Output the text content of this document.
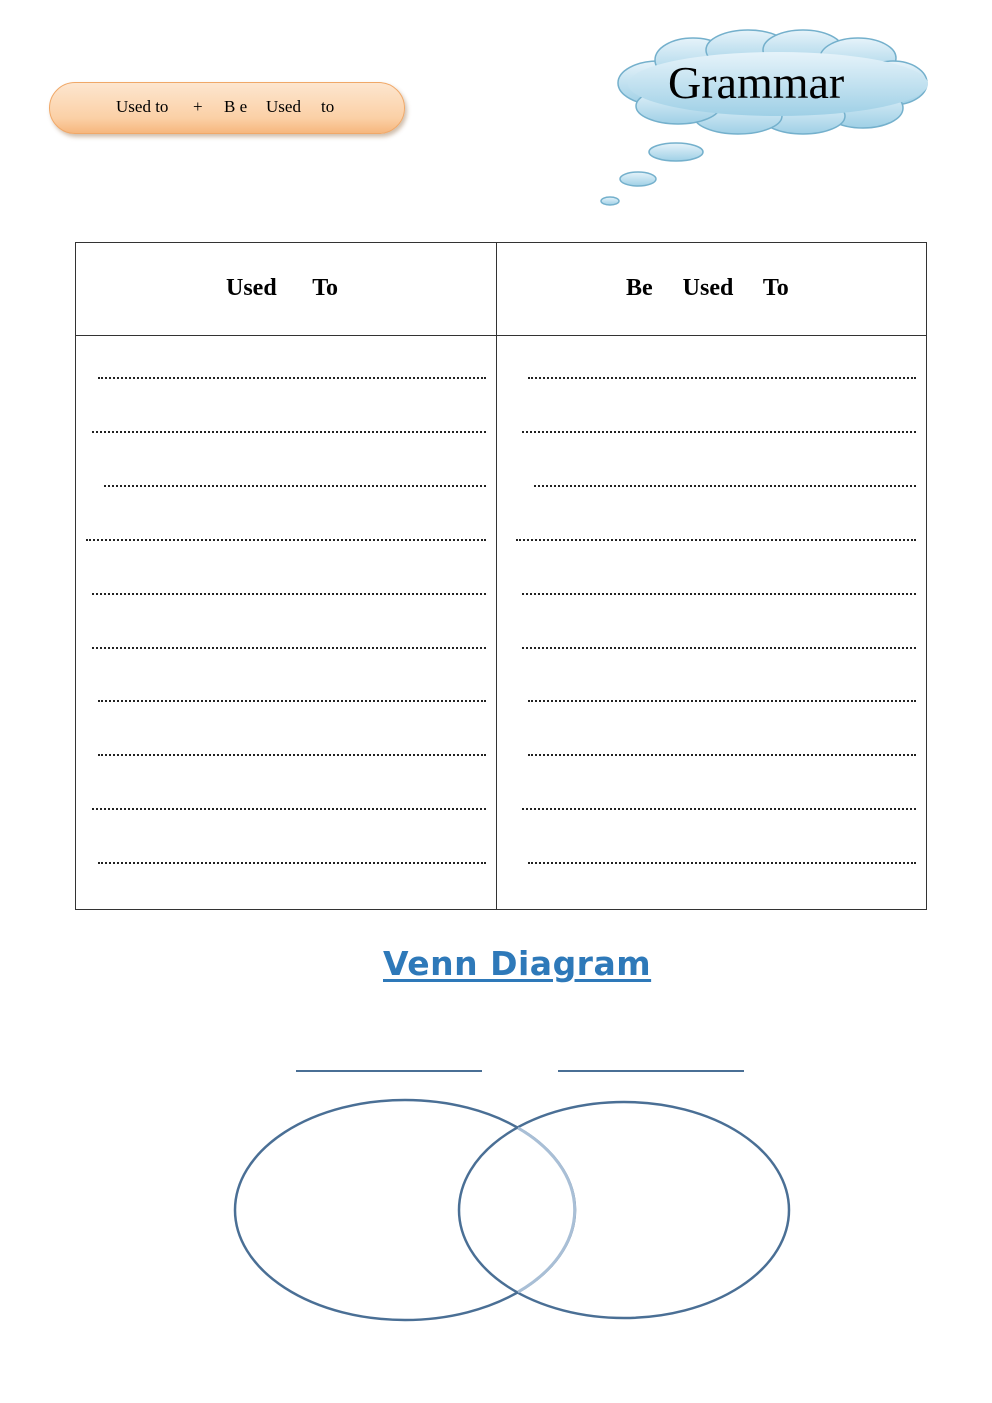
Used to + B e Used to	Grammar
Used      To	Be     Used     To
Venn Diagram
